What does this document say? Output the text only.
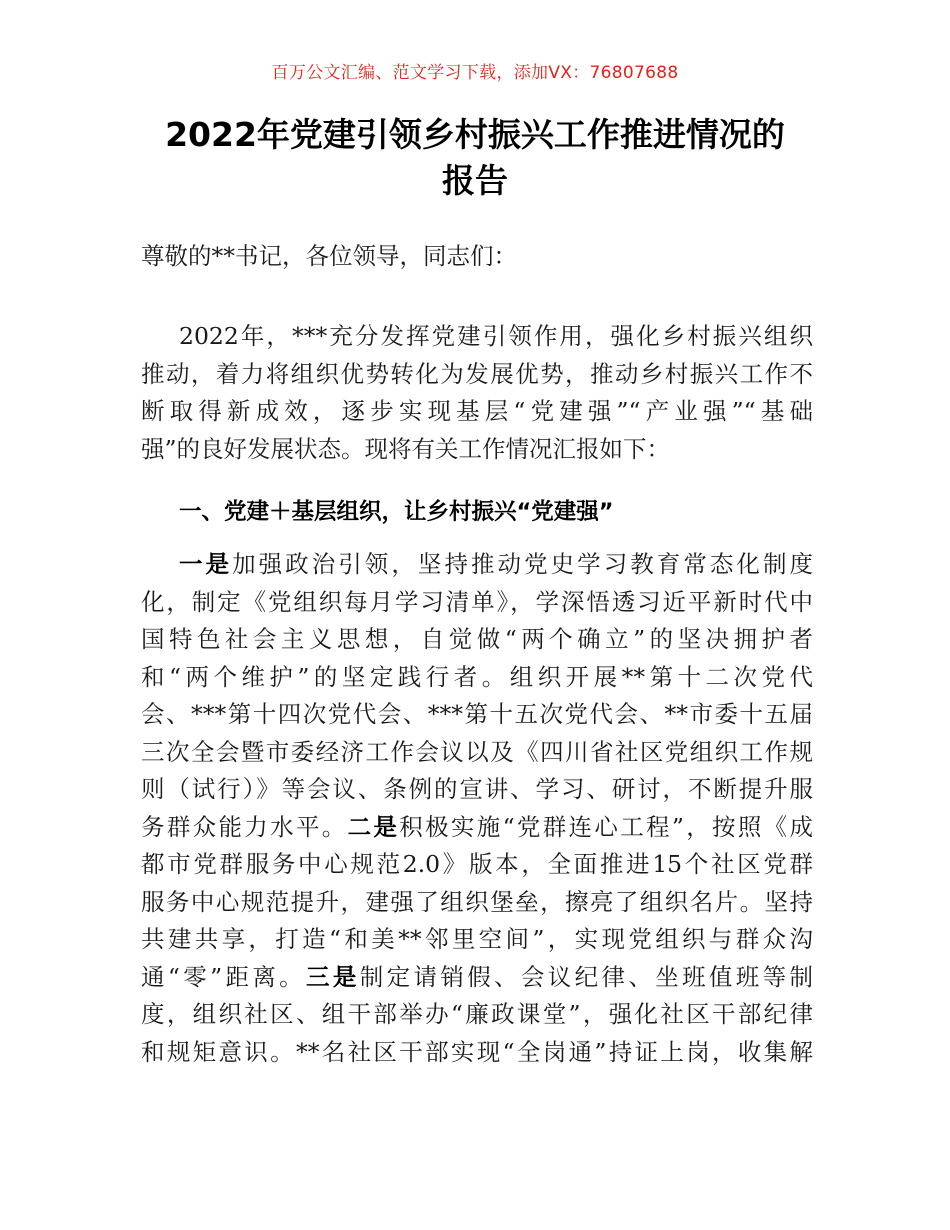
百万公文汇编、范文学习下载，添加VX：76807688
2022年党建引领乡村振兴工作推进情况的
报告
尊敬的**书记，各位领导，同志们：
2022年，***充分发挥党建引领作用，强化乡村振兴组织
推动，着力将组织优势转化为发展优势，推动乡村振兴工作不
断取得新成效，逐步实现基层“党建强”“产业强”“基础
强”的良好发展状态。现将有关工作情况汇报如下：
一、党建＋基层组织，让乡村振兴“党建强”
一是加强政治引领，坚持推动党史学习教育常态化制度
化，制定《党组织每月学习清单》，学深悟透习近平新时代中
国特色社会主义思想，自觉做“两个确立”的坚决拥护者
和“两个维护”的坚定践行者。组织开展**第十二次党代
会、***第十四次党代会、***第十五次党代会、**市委十五届
三次全会暨市委经济工作会议以及《四川省社区党组织工作规
则（试行）》等会议、条例的宣讲、学习、研讨，不断提升服
务群众能力水平。二是积极实施“党群连心工程”，按照《成
都市党群服务中心规范2.0》版本，全面推进15个社区党群
服务中心规范提升，建强了组织堡垒，擦亮了组织名片。坚持
共建共享，打造“和美**邻里空间”，实现党组织与群众沟
通“零”距离。三是制定请销假、会议纪律、坐班值班等制
度，组织社区、组干部举办“廉政课堂”，强化社区干部纪律
和规矩意识。**名社区干部实现“全岗通”持证上岗，收集解
